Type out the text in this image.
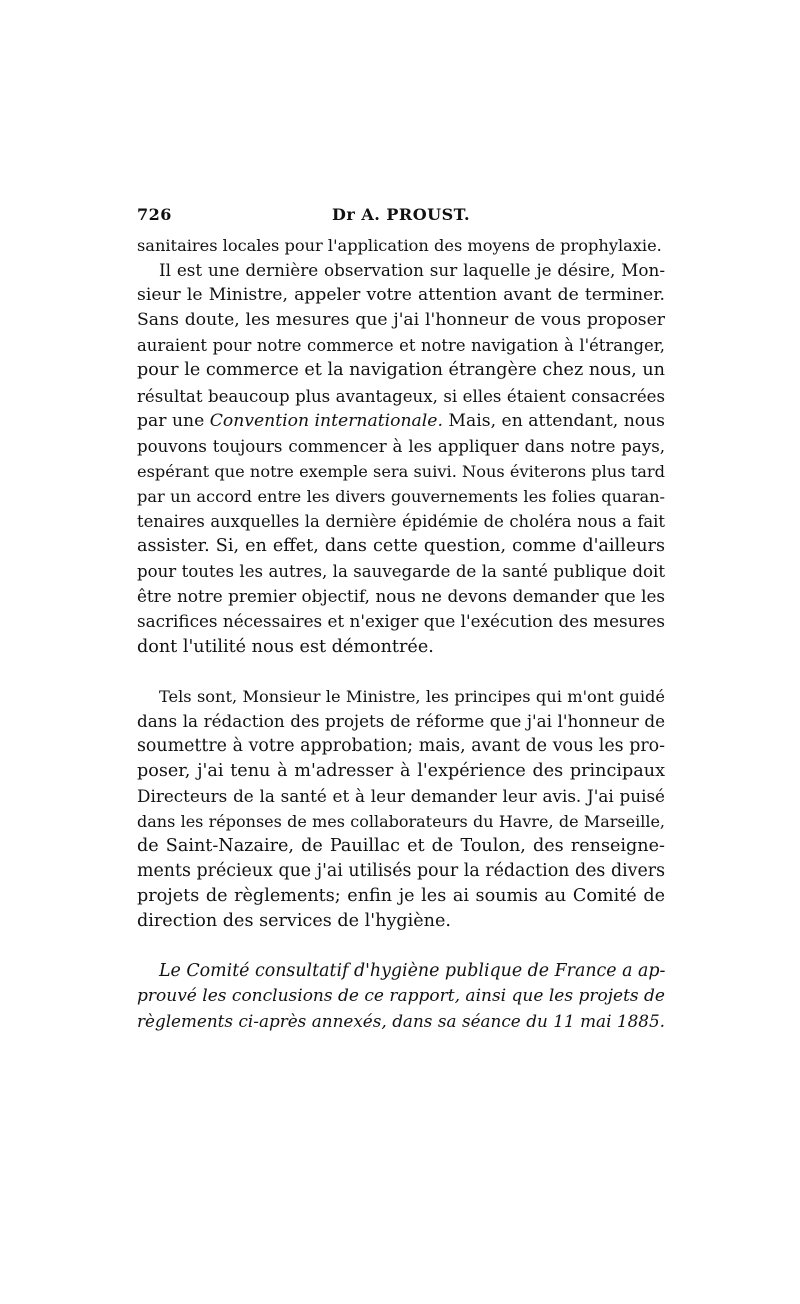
726	Dr A. PROUST.

sanitaires locales pour l'application des moyens de prophylaxie.

Il est une dernière observation sur laquelle je désire, Mon-

sieur le Ministre, appeler votre attention avant de terminer.

Sans doute, les mesures que j'ai l'honneur de vous proposer

auraient pour notre commerce et notre navigation à l'étranger,

pour le commerce et la navigation étrangère chez nous, un

résultat beaucoup plus avantageux, si elles étaient consacrées

par une Convention internationale. Mais, en attendant, nous

pouvons toujours commencer à les appliquer dans notre pays,

espérant que notre exemple sera suivi. Nous éviterons plus tard

par un accord entre les divers gouvernements les folies quaran-

tenaires auxquelles la dernière épidémie de choléra nous a fait

assister. Si, en effet, dans cette question, comme d'ailleurs

pour toutes les autres, la sauvegarde de la santé publique doit

être notre premier objectif, nous ne devons demander que les

sacrifices nécessaires et n'exiger que l'exécution des mesures

dont l'utilité nous est démontrée.

Tels sont, Monsieur le Ministre, les principes qui m'ont guidé

dans la rédaction des projets de réforme que j'ai l'honneur de

soumettre à votre approbation; mais, avant de vous les pro-

poser, j'ai tenu à m'adresser à l'expérience des principaux

Directeurs de la santé et à leur demander leur avis. J'ai puisé

dans les réponses de mes collaborateurs du Havre, de Marseille,

de Saint-Nazaire, de Pauillac et de Toulon, des renseigne-

ments précieux que j'ai utilisés pour la rédaction des divers

projets de règlements; enfin je les ai soumis au Comité de

direction des services de l'hygiène.

Le Comité consultatif d'hygiène publique de France a ap-

prouvé les conclusions de ce rapport, ainsi que les projets de

règlements ci-après annexés, dans sa séance du 11 mai 1885.
